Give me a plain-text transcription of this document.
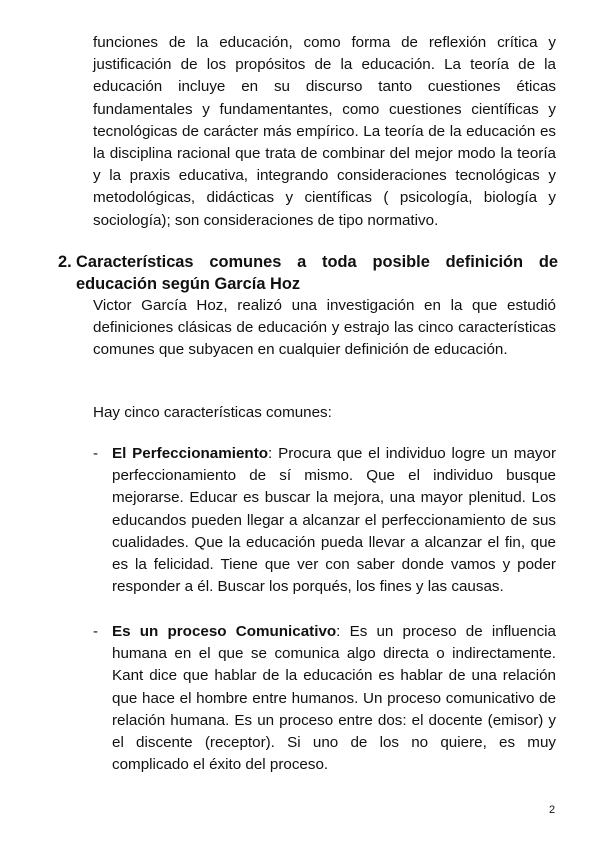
funciones de la educación, como forma de reflexión crítica y justificación de los propósitos de la educación. La teoría de la educación incluye en su discurso tanto cuestiones éticas fundamentales y fundamentantes, como cuestiones científicas y tecnológicas de carácter más empírico. La teoría de la educación es la disciplina racional que trata de combinar del mejor modo la teoría y la praxis educativa, integrando consideraciones tecnológicas y metodológicas, didácticas y científicas ( psicología, biología y sociología); son consideraciones de tipo normativo.

2. Características comunes a toda posible definición de educación según García Hoz

Victor García Hoz, realizó una investigación en la que estudió definiciones clásicas de educación y estrajo las cinco características comunes que subyacen en cualquier definición de educación.

Hay cinco características comunes:

- El Perfeccionamiento: Procura que el individuo logre un mayor perfeccionamiento de sí mismo. Que el individuo busque mejorarse. Educar es buscar la mejora, una mayor plenitud. Los educandos pueden llegar a alcanzar el perfeccionamiento de sus cualidades. Que la educación pueda llevar a alcanzar el fin, que es la felicidad. Tiene que ver con saber donde vamos y poder responder a él. Buscar los porqués, los fines y las causas.

- Es un proceso Comunicativo: Es un proceso de influencia humana en el que se comunica algo directa o indirectamente. Kant dice que hablar de la educación es hablar de una relación que hace el hombre entre humanos. Un proceso comunicativo de relación humana. Es un proceso entre dos: el docente (emisor) y el discente (receptor). Si uno de los no quiere, es muy complicado el éxito del proceso.

2
